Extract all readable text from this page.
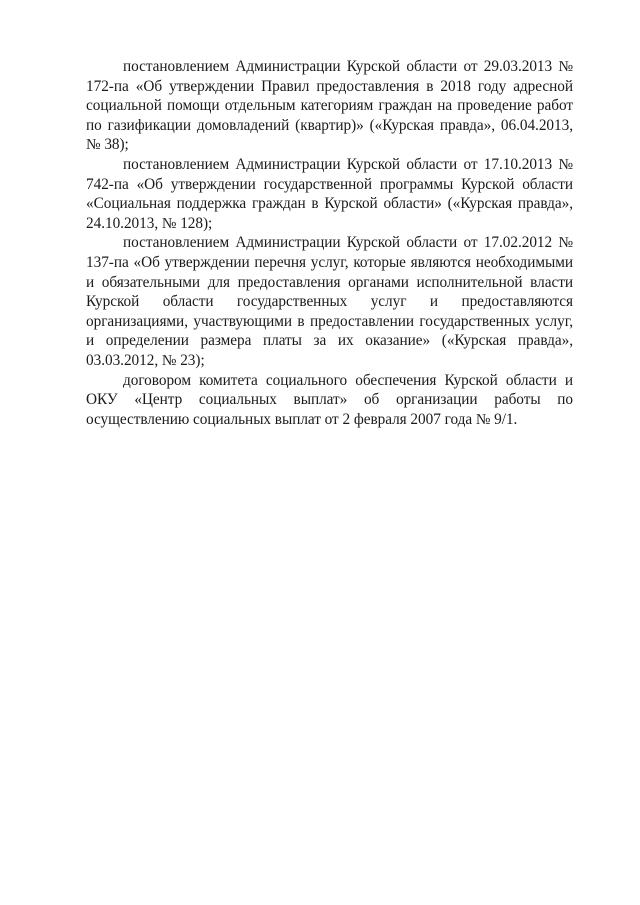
постановлением Администрации Курской области от 29.03.2013 № 172-па «Об утверждении Правил предоставления в 2018 году адресной социальной помощи отдельным категориям граждан на проведение работ по газификации домовладений (квартир)» («Курская правда», 06.04.2013, № 38);

постановлением Администрации Курской области от 17.10.2013 № 742-па «Об утверждении государственной программы Курской области «Социальная поддержка граждан в Курской области» («Курская правда», 24.10.2013, № 128);

постановлением Администрации Курской области от 17.02.2012 № 137-па «Об утверждении перечня услуг, которые являются необходимыми и обязательными для предоставления органами исполнительной власти Курской области государственных услуг и предоставляются организациями, участвующими в предоставлении государственных услуг, и определении размера платы за их оказание» («Курская правда», 03.03.2012, № 23);

договором комитета социального обеспечения Курской области и ОКУ «Центр социальных выплат» об организации работы по осуществлению социальных выплат от 2 февраля 2007 года № 9/1.
